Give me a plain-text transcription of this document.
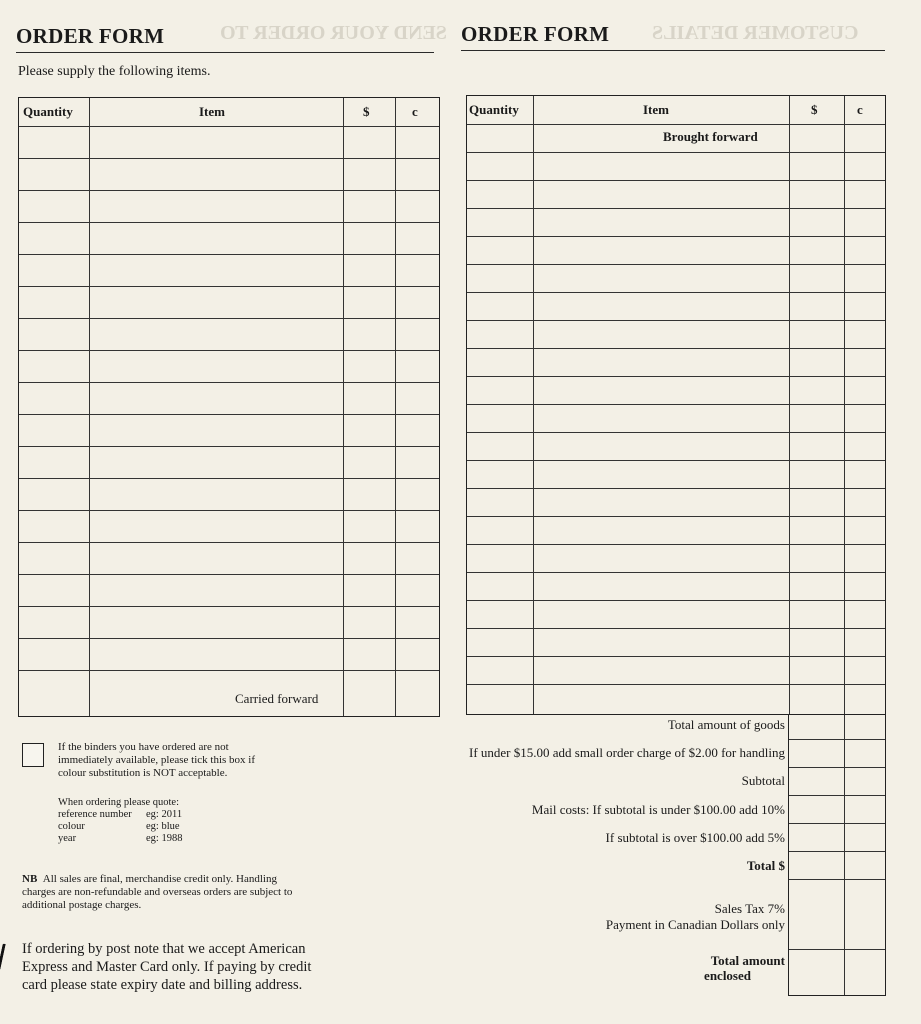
CUSTOMER DETAILS
SEND YOUR ORDER TO
ORDER FORM
Please supply the following items.
Quantity	Item	$	c
Carried forward
If the binders you have ordered are not
immediately available, please tick this box if
colour substitution is NOT acceptable.
When ordering please quote:
reference number eg: 2011
colour	eg: blue
year	eg: 1988
NB All sales are final, merchandise credit only. Handling
charges are non-refundable and overseas orders are subject to
additional postage charges.
If ordering by post note that we accept American
Express and Master Card only. If paying by credit
card please state expiry date and billing address.
ORDER FORM
Quantity	Item	$	c
Brought forward
Total amount of goods
If under $15.00 add small order charge of $2.00 for handling
Subtotal
Mail costs: If subtotal is under $100.00 add 10%
If subtotal is over $100.00 add 5%
Total $
Sales Tax 7%
Payment in Canadian Dollars only
Total amount
enclosed
